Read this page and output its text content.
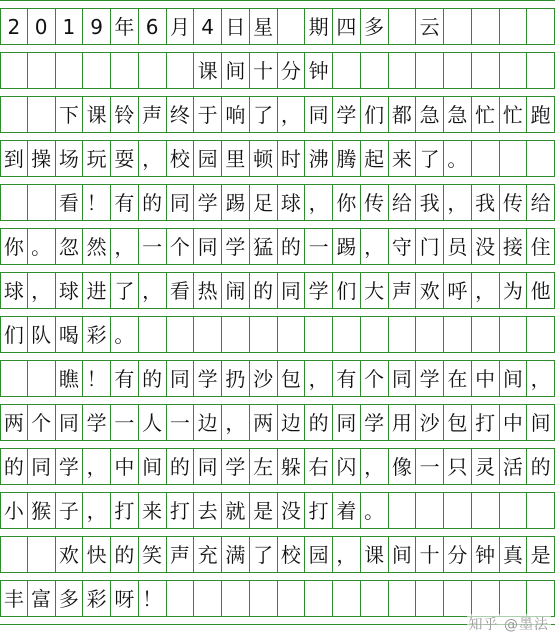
2 0 1 9 年 6 月 4 日 星 期 四 多 云
课 间 十 分 钟
下 课 铃 声 终 于 响 了 ， 同 学 们 都 急 急 忙 忙 跑
到 操 场 玩 耍 ， 校 园 里 顿 时 沸 腾 起 来 了 。
看 ！ 有 的 同 学 踢 足 球 ， 你 传 给 我 ， 我 传 给
你 。 忽 然 ， 一 个 同 学 猛 的 一 踢 ， 守 门 员 没 接 住
球 ， 球 进 了 ， 看 热 闹 的 同 学 们 大 声 欢 呼 ， 为 他
们 队 喝 彩 。
瞧 ！ 有 的 同 学 扔 沙 包 ， 有 个 同 学 在 中 间 ，
两 个 同 学 一 人 一 边 ， 两 边 的 同 学 用 沙 包 打 中 间
的 同 学 ， 中 间 的 同 学 左 躲 右 闪 ， 像 一 只 灵 活 的
小 猴 子 ， 打 来 打 去 就 是 没 打 着 。
欢 快 的 笑 声 充 满 了 校 园 ， 课 间 十 分 钟 真 是
丰 富 多 彩 呀 ！
知乎 @墨法
